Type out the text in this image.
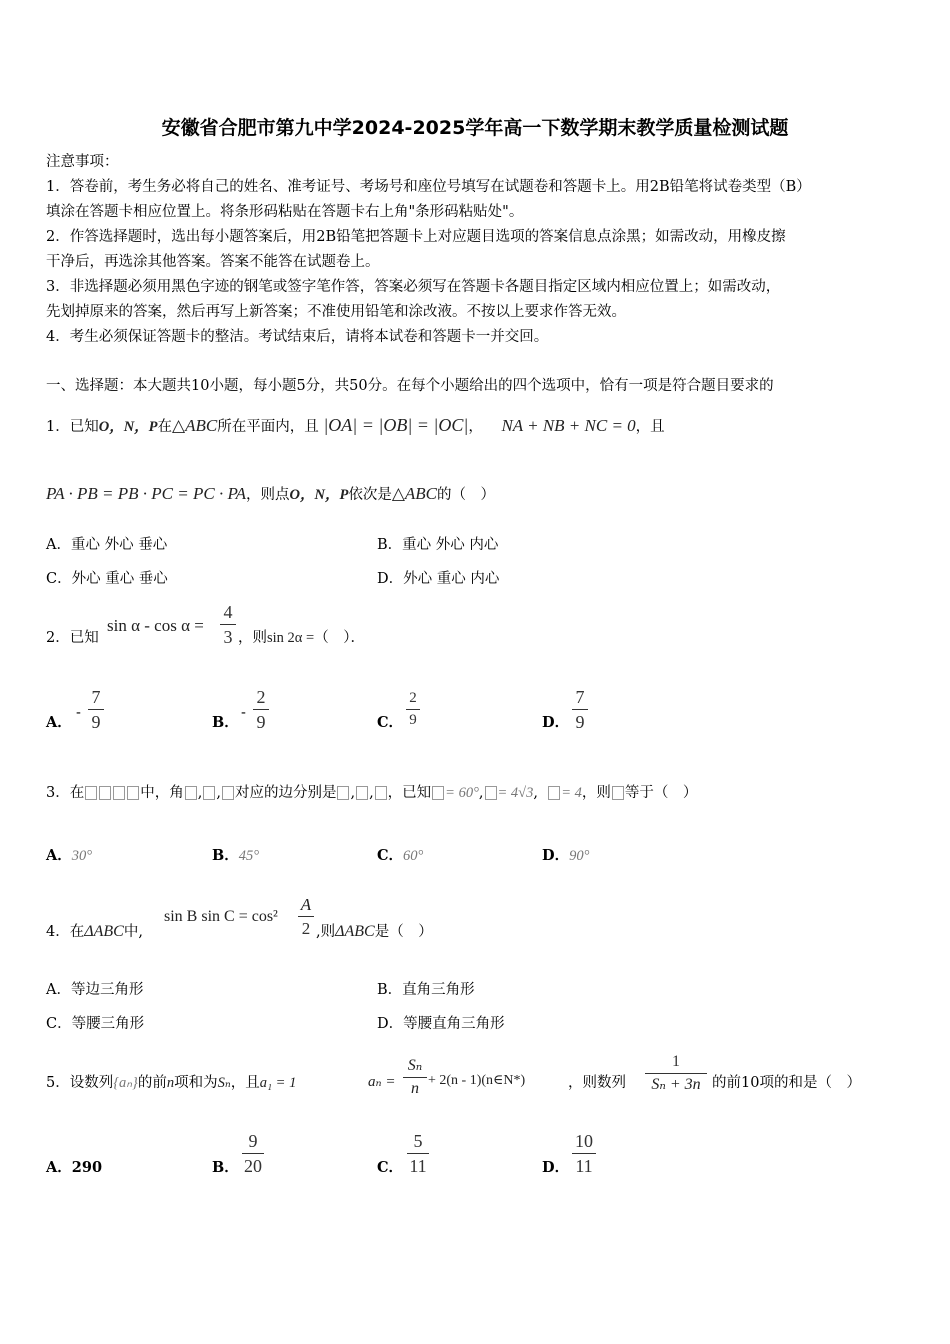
安徽省合肥市第九中学2024-2025学年高一下数学期末教学质量检测试题
注意事项：
1．答卷前，考生务必将自己的姓名、准考证号、考场号和座位号填写在试题卷和答题卡上。用2B铅笔将试卷类型（B）
填涂在答题卡相应位置上。将条形码粘贴在答题卡右上角"条形码粘贴处"。
2．作答选择题时，选出每小题答案后，用2B铅笔把答题卡上对应题目选项的答案信息点涂黑；如需改动，用橡皮擦
干净后，再选涂其他答案。答案不能答在试题卷上。
3．非选择题必须用黑色字迹的钢笔或签字笔作答，答案必须写在答题卡各题目指定区域内相应位置上；如需改动，
先划掉原来的答案，然后再写上新答案；不准使用铅笔和涂改液。不按以上要求作答无效。
4．考生必须保证答题卡的整洁。考试结束后，请将本试卷和答题卡一并交回。
一、选择题：本大题共10小题，每小题5分，共50分。在每个小题给出的四个选项中，恰有一项是符合题目要求的
1．已知O，N，P在△ABC所在平面内，且 |OA| = |OB| = |OC|， NA + NB + NC = 0，且
PA · PB = PB · PC = PC · PA，则点O，N，P依次是△ABC的（　）
A．重心 外心 垂心	B．重心 外心 内心
C．外心 重心 垂心	D．外心 重心 内心
2．已知
sin α - cos α =
4
3 ，则sin 2α =（　）．
A．
-
7
9	B．
-
2
9	C．
2
9	D．
7
9
3．在	中，角 , , 对应的边分别是 , , ，已知 = 60°, = 4√3,  = 4，则 等于（　）
A．30°	B．45°	C．60°	D．90°
4．在ΔABC中,
sin B sin C = cos²
A
2 ,则ΔABC是（　）
A．等边三角形	B．直角三角形
C．等腰三角形	D．等腰直角三角形
5．设数列{aₙ}的前n项和为Sₙ，且a₁ = 1	aₙ =
Sₙ
n + 2(n - 1)(n∈N*)	，则数列
1
Sₙ + 3n 的前10项的和是（　）
A．290	B．
9
20	C．
5
11	D．
10
11
